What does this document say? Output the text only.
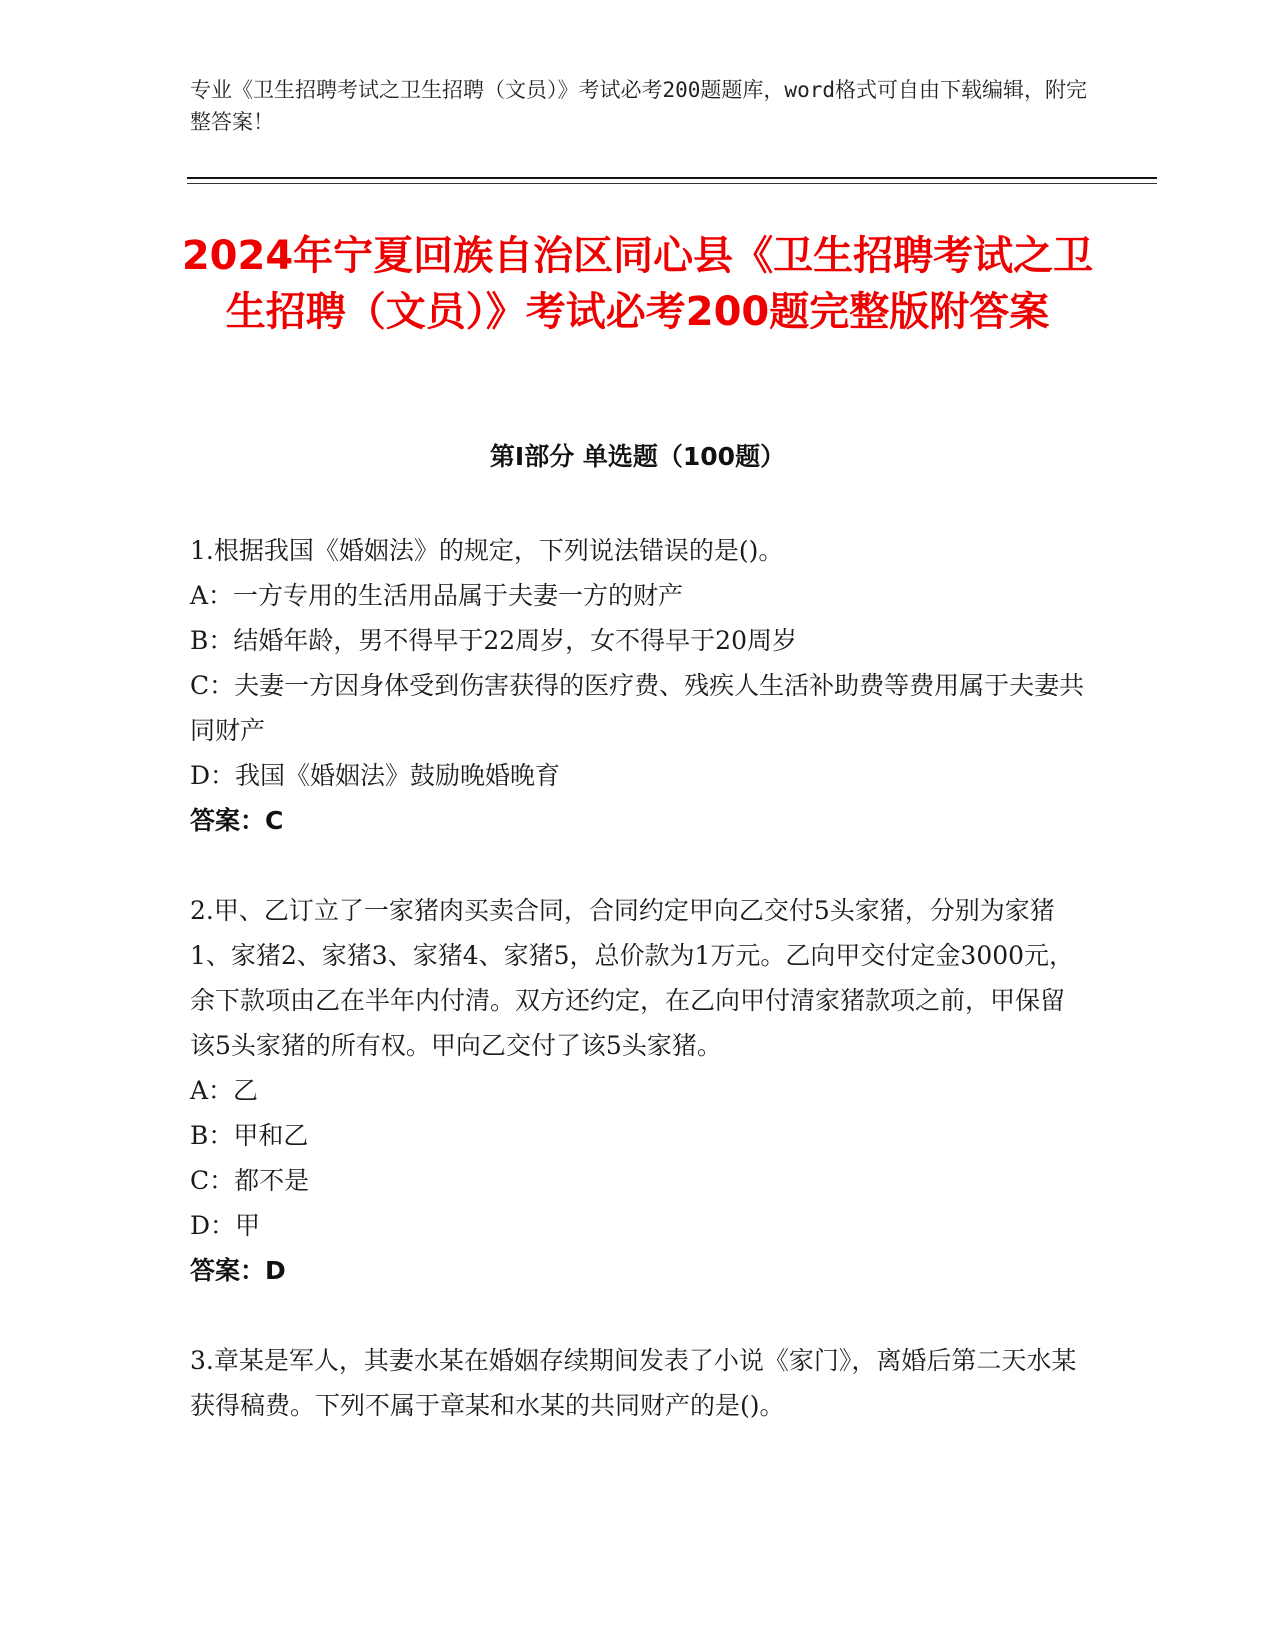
专业《卫生招聘考试之卫生招聘（文员）》考试必考200题题库，word格式可自由下载编辑，附完整答案！
2024年宁夏回族自治区同心县《卫生招聘考试之卫生招聘（文员）》考试必考200题完整版附答案
第I部分 单选题（100题）
1.根据我国《婚姻法》的规定，下列说法错误的是()。
A：一方专用的生活用品属于夫妻一方的财产
B：结婚年龄，男不得早于22周岁，女不得早于20周岁
C：夫妻一方因身体受到伤害获得的医疗费、残疾人生活补助费等费用属于夫妻共同财产
D：我国《婚姻法》鼓励晚婚晚育
答案：C
2.甲、乙订立了一家猪肉买卖合同，合同约定甲向乙交付5头家猪，分别为家猪1、家猪2、家猪3、家猪4、家猪5，总价款为1万元。乙向甲交付定金3000元，余下款项由乙在半年内付清。双方还约定，在乙向甲付清家猪款项之前，甲保留该5头家猪的所有权。甲向乙交付了该5头家猪。
A：乙
B：甲和乙
C：都不是
D：甲
答案：D
3.章某是军人，其妻水某在婚姻存续期间发表了小说《家门》，离婚后第二天水某获得稿费。下列不属于章某和水某的共同财产的是()。
